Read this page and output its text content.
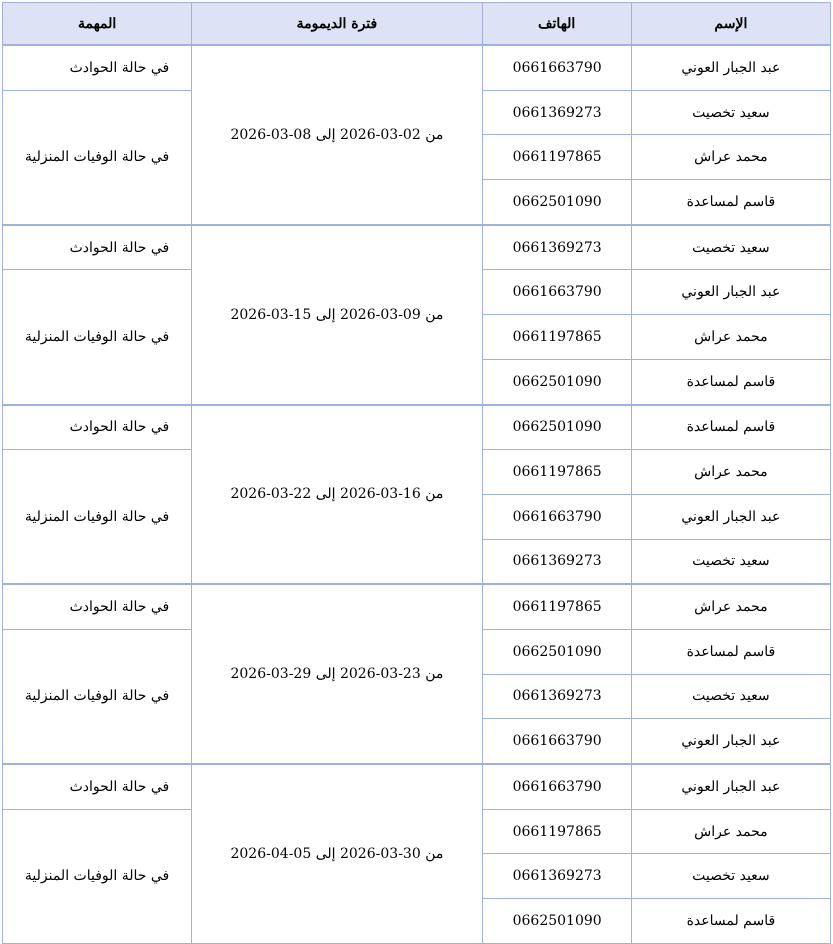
الإسم	الهاتف	فترة الديمومة	المهمة
عبد الجبار العوني	0661663790	من 02-03-2026 إلى 08-03-2026	في حالة الحوادث
سعيد تخصيت	0661369273		في حالة الوفيات المنزلية
محمد عراش	0661197865		
قاسم لمساعدة	0662501090		
سعيد تخصيت	0661369273	من 09-03-2026 إلى 15-03-2026	في حالة الحوادث
عبد الجبار العوني	0661663790		في حالة الوفيات المنزلية
محمد عراش	0661197865		
قاسم لمساعدة	0662501090		
قاسم لمساعدة	0662501090	من 16-03-2026 إلى 22-03-2026	في حالة الحوادث
محمد عراش	0661197865		في حالة الوفيات المنزلية
عبد الجبار العوني	0661663790		
سعيد تخصيت	0661369273		
محمد عراش	0661197865	من 23-03-2026 إلى 29-03-2026	في حالة الحوادث
قاسم لمساعدة	0662501090		في حالة الوفيات المنزلية
سعيد تخصيت	0661369273		
عبد الجبار العوني	0661663790		
عبد الجبار العوني	0661663790	من 30-03-2026 إلى 05-04-2026	في حالة الحوادث
محمد عراش	0661197865		في حالة الوفيات المنزلية
سعيد تخصيت	0661369273		
قاسم لمساعدة	0662501090		
